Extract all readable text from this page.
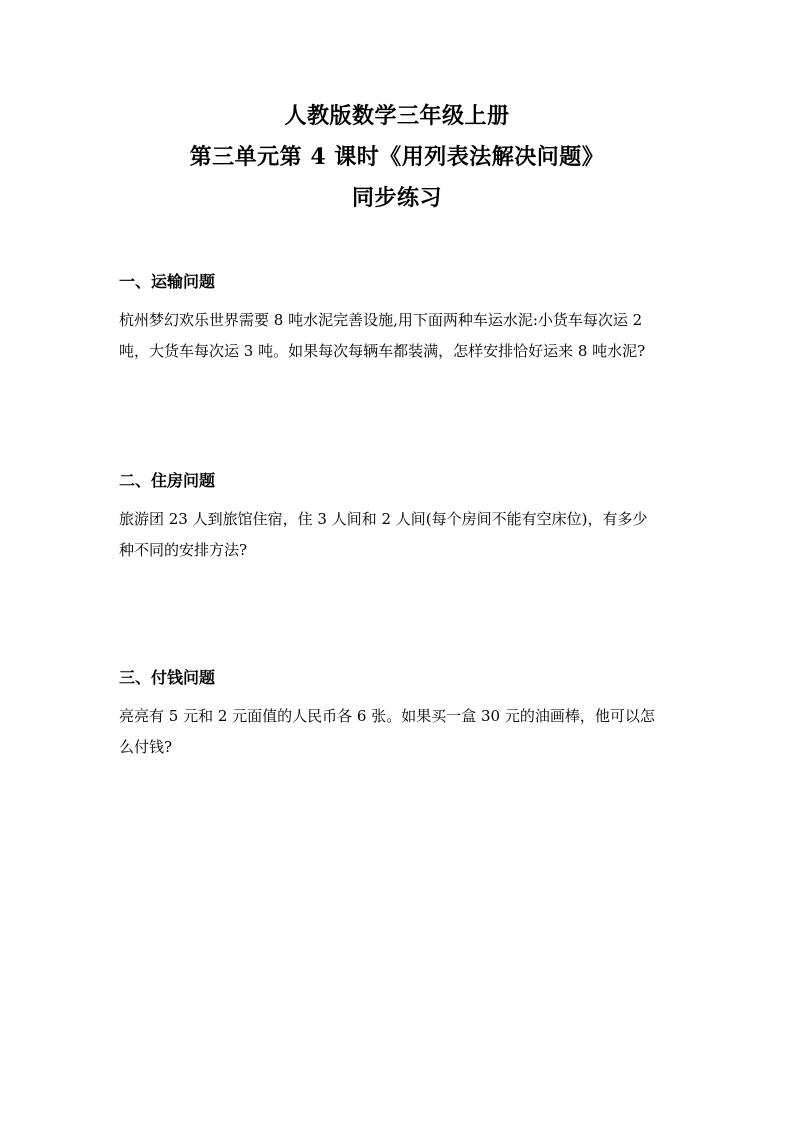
人教版数学三年级上册
第三单元第 4 课时《用列表法解决问题》
同步练习

一、运输问题

杭州梦幻欢乐世界需要 8 吨水泥完善设施,用下面两种车运水泥:小货车每次运 2
吨，大货车每次运 3 吨。如果每次每辆车都装满，怎样安排恰好运来 8 吨水泥?

二、住房问题

旅游团 23 人到旅馆住宿，住 3 人间和 2 人间(每个房间不能有空床位)，有多少
种不同的安排方法?

三、付钱问题

亮亮有 5 元和 2 元面值的人民币各 6 张。如果买一盒 30 元的油画棒，他可以怎
么付钱?
